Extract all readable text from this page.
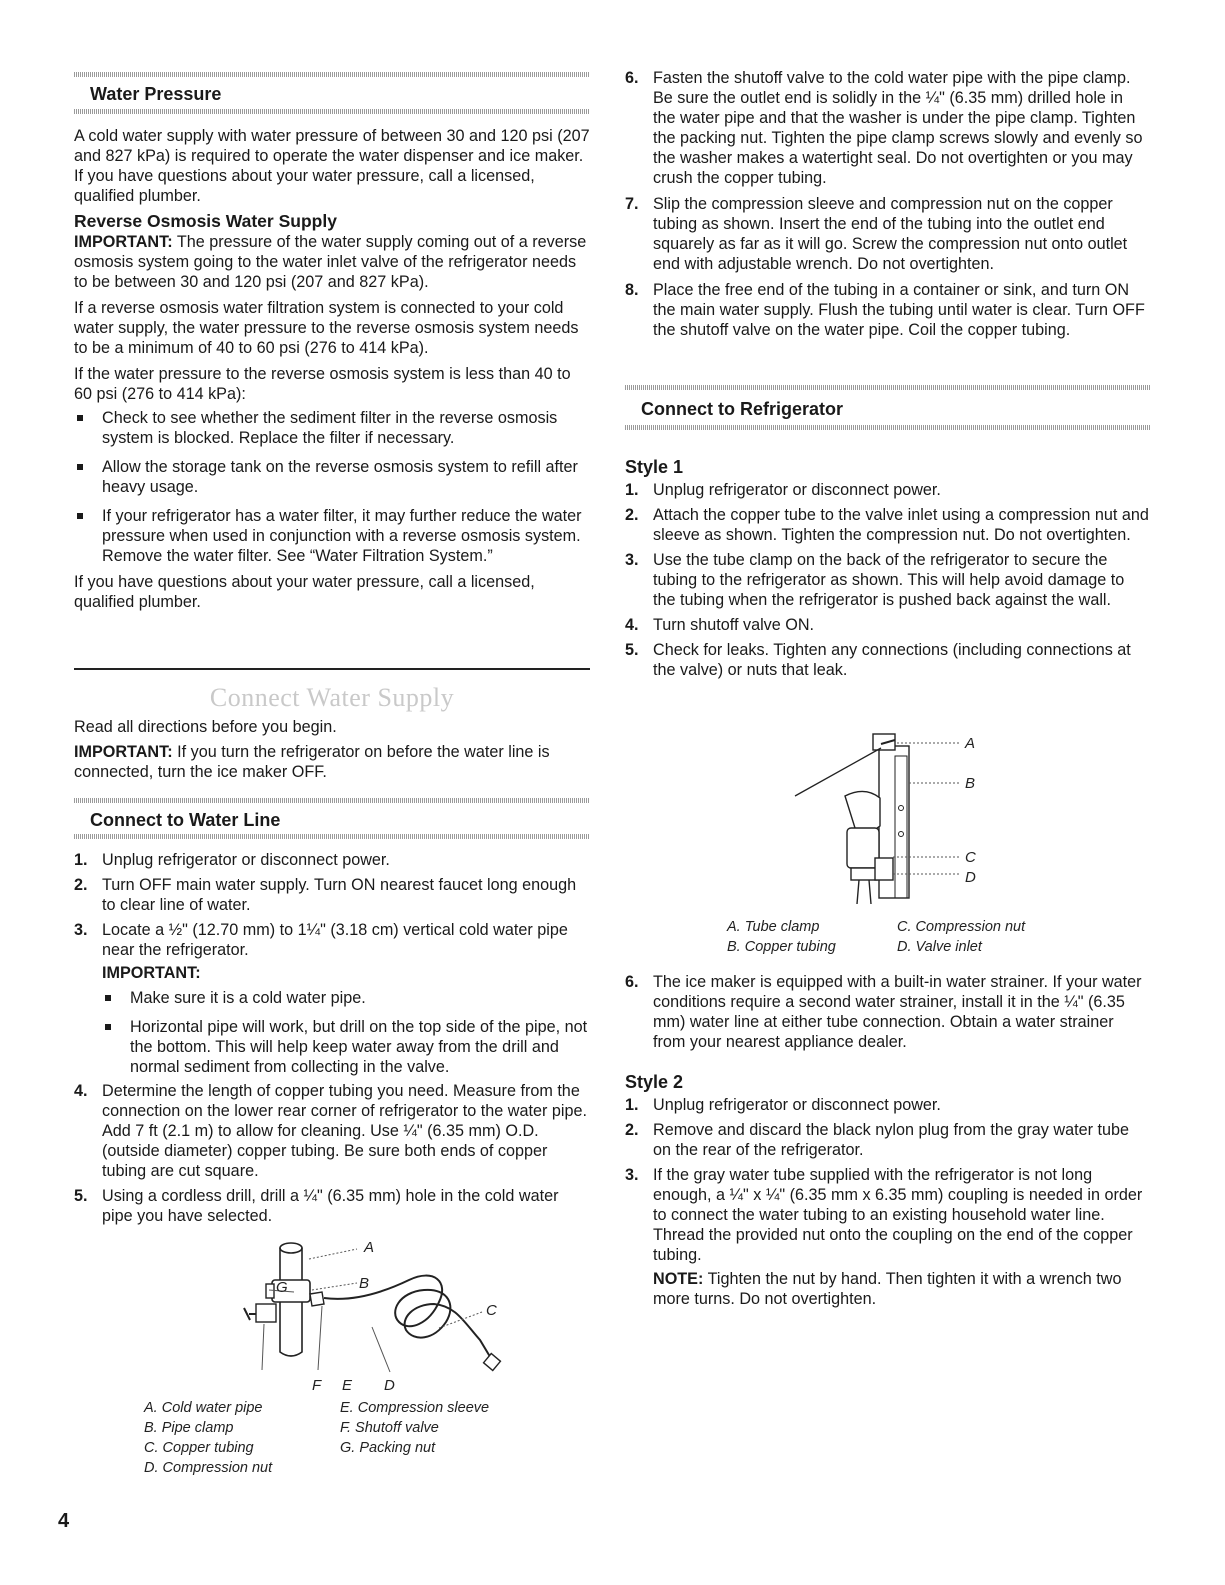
Water Pressure

A cold water supply with water pressure of between 30 and 120 psi (207 and 827 kPa) is required to operate the water dispenser and ice maker. If you have questions about your water pressure, call a licensed, qualified plumber.

Reverse Osmosis Water Supply

IMPORTANT: The pressure of the water supply coming out of a reverse osmosis system going to the water inlet valve of the refrigerator needs to be between 30 and 120 psi (207 and 827 kPa).

If a reverse osmosis water filtration system is connected to your cold water supply, the water pressure to the reverse osmosis system needs to be a minimum of 40 to 60 psi (276 to 414 kPa).

If the water pressure to the reverse osmosis system is less than 40 to 60 psi (276 to 414 kPa):

Check to see whether the sediment filter in the reverse osmosis system is blocked. Replace the filter if necessary.
Allow the storage tank on the reverse osmosis system to refill after heavy usage.
If your refrigerator has a water filter, it may further reduce the water pressure when used in conjunction with a reverse osmosis system. Remove the water filter. See “Water Filtration System.”

If you have questions about your water pressure, call a licensed, qualified plumber.

Connect Water Supply

Read all directions before you begin.

IMPORTANT: If you turn the refrigerator on before the water line is connected, turn the ice maker OFF.

Connect to Water Line
1. Unplug refrigerator or disconnect power.
2. Turn OFF main water supply. Turn ON nearest faucet long enough to clear line of water.
3. Locate a ½" (12.70 mm) to 1¼" (3.18 cm) vertical cold water pipe near the refrigerator.

IMPORTANT:

Make sure it is a cold water pipe.
Horizontal pipe will work, but drill on the top side of the pipe, not the bottom. This will help keep water away from the drill and normal sediment from collecting in the valve.
4. Determine the length of copper tubing you need. Measure from the connection on the lower rear corner of refrigerator to the water pipe. Add 7 ft (2.1 m) to allow for cleaning. Use ¼" (6.35 mm) O.D. (outside diameter) copper tubing. Be sure both ends of copper tubing are cut square.
5. Using a cordless drill, drill a ¼" (6.35 mm) hole in the cold water pipe you have selected.
A
B
C
D
E
F
G
A. Cold water pipe
B. Pipe clamp
C. Copper tubing
D. Compression nut
E. Compression sleeve
F. Shutoff valve
G. Packing nut
4
6. Fasten the shutoff valve to the cold water pipe with the pipe clamp. Be sure the outlet end is solidly in the ¼" (6.35 mm) drilled hole in the water pipe and that the washer is under the pipe clamp. Tighten the packing nut. Tighten the pipe clamp screws slowly and evenly so the washer makes a watertight seal. Do not overtighten or you may crush the copper tubing.
7. Slip the compression sleeve and compression nut on the copper tubing as shown. Insert the end of the tubing into the outlet end squarely as far as it will go. Screw the compression nut onto outlet end with adjustable wrench. Do not overtighten.
8. Place the free end of the tubing in a container or sink, and turn ON the main water supply. Flush the tubing until water is clear. Turn OFF the shutoff valve on the water pipe. Coil the copper tubing.
Connect to Refrigerator
Style 1
1. Unplug refrigerator or disconnect power.
2. Attach the copper tube to the valve inlet using a compression nut and sleeve as shown. Tighten the compression nut. Do not overtighten.
3. Use the tube clamp on the back of the refrigerator to secure the tubing to the refrigerator as shown. This will help avoid damage to the tubing when the refrigerator is pushed back against the wall.
4. Turn shutoff valve ON.
5. Check for leaks. Tighten any connections (including connections at the valve) or nuts that leak.
A
B
C
D
A. Tube clamp
B. Copper tubing
C. Compression nut
D. Valve inlet
6. The ice maker is equipped with a built-in water strainer. If your water conditions require a second water strainer, install it in the ¼" (6.35 mm) water line at either tube connection. Obtain a water strainer from your nearest appliance dealer.
Style 2
1. Unplug refrigerator or disconnect power.
2. Remove and discard the black nylon plug from the gray water tube on the rear of the refrigerator.
3. If the gray water tube supplied with the refrigerator is not long enough, a ¼" x ¼" (6.35 mm x 6.35 mm) coupling is needed in order to connect the water tubing to an existing household water line. Thread the provided nut onto the coupling on the end of the copper tubing.

NOTE: Tighten the nut by hand. Then tighten it with a wrench two more turns. Do not overtighten.
